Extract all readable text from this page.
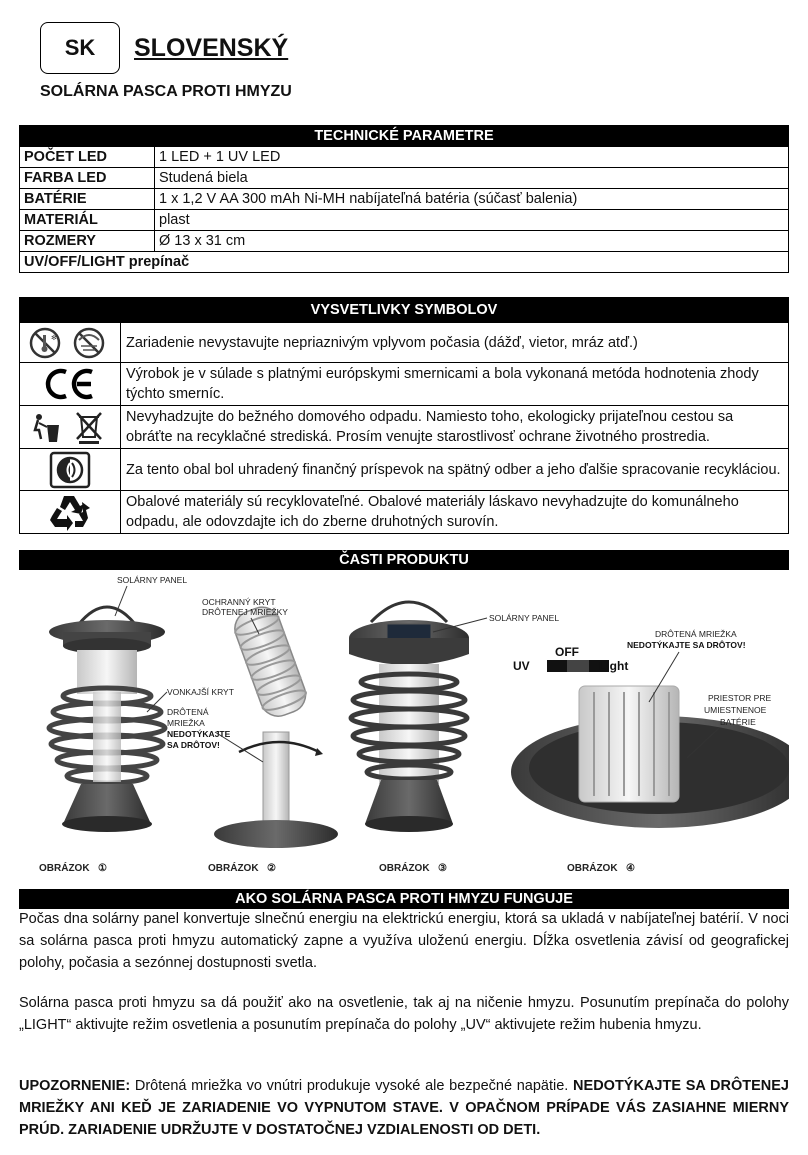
SK SLOVENSKÝ
SOLÁRNA PASCA PROTI HMYZU
TECHNICKÉ PARAMETRE	
POČET LED	1 LED + 1 UV LED
FARBA LED	Studená biela
BATÉRIE	1 x 1,2 V AA 300 mAh Ni-MH nabíjateľná batéria (súčasť balenia)
MATERIÁL	plast
ROZMERY	Ø 13 x 31 cm
UV/OFF/LIGHT prepínač	
VYSVETLIVKY SYMBOLOV	

✻	Zariadenie nevystavujte nepriaznivým vplyvom počasia (dážď, vietor, mráz atď.)
	Výrobok je v súlade s platnými európskymi smernicami a bola vykonaná metóda hodnotenia zhody týchto smerníc.
	Nevyhadzujte do bežného domového odpadu. Namiesto toho, ekologicky prijateľnou cestou sa obráťte na recyklačné strediská. Prosím venujte starostlivosť ochrane životného prostredia.
	Za tento obal bol uhradený finančný príspevok na spätný odber a jeho ďalšie spracovanie recykláciou.
	Obalové materiály sú recyklovateľné. Obalové materiály láskavo nevyhadzujte do komunálneho odpadu, ale odovzdajte ich do zberne druhotných surovín.
ČASTI PRODUKTU
SOLÁRNY PANEL
VONKAJŠÍ KRYT
OCHRANNÝ KRYT
DRÔTENEJ MRIEŽKY
DRÔTENÁ
MRIEŽKA
NEDOTÝKAJTE
SA DRÔTOV!
SOLÁRNY PANEL
UV
OFF
Light
DRÔTENÁ MRIEŽKA
NEDOTÝKAJTE SA DRÔTOV!
PRIESTOR PRE
UMIESTNENOE
BATÉRIE
OBRÁZOK ①	OBRÁZOK ②	OBRÁZOK ③	OBRÁZOK ④
AKO SOLÁRNA PASCA PROTI HMYZU FUNGUJE
Počas dna solárny panel konvertuje slnečnú energiu na elektrickú energiu, ktorá sa ukladá v nabíjateľnej batérií. V noci sa solárna pasca proti hmyzu automatický zapne a využíva uloženú energiu. Dĺžka osvetlenia závisí od geografickej polohy, počasia a sezónnej dostupnosti svetla.
Solárna pasca proti hmyzu sa dá použiť ako na osvetlenie, tak aj na ničenie hmyzu. Posunutím prepínača do polohy „LIGHT“ aktivujte režim osvetlenia a posunutím prepínača do polohy „UV“ aktivujete režim hubenia hmyzu.
UPOZORNENIE: Drôtená mriežka vo vnútri produkuje vysoké ale bezpečné napätie. NEDOTÝKAJTE SA DRÔTENEJ MRIEŽKY ANI KEĎ JE ZARIADENIE VO VYPNUTOM STAVE. V OPAČNOM PRÍPADE VÁS ZASIAHNE MIERNY PRÚD. ZARIADENIE UDRŽUJTE V DOSTATOČNEJ VZDIALENOSTI OD DETI.
